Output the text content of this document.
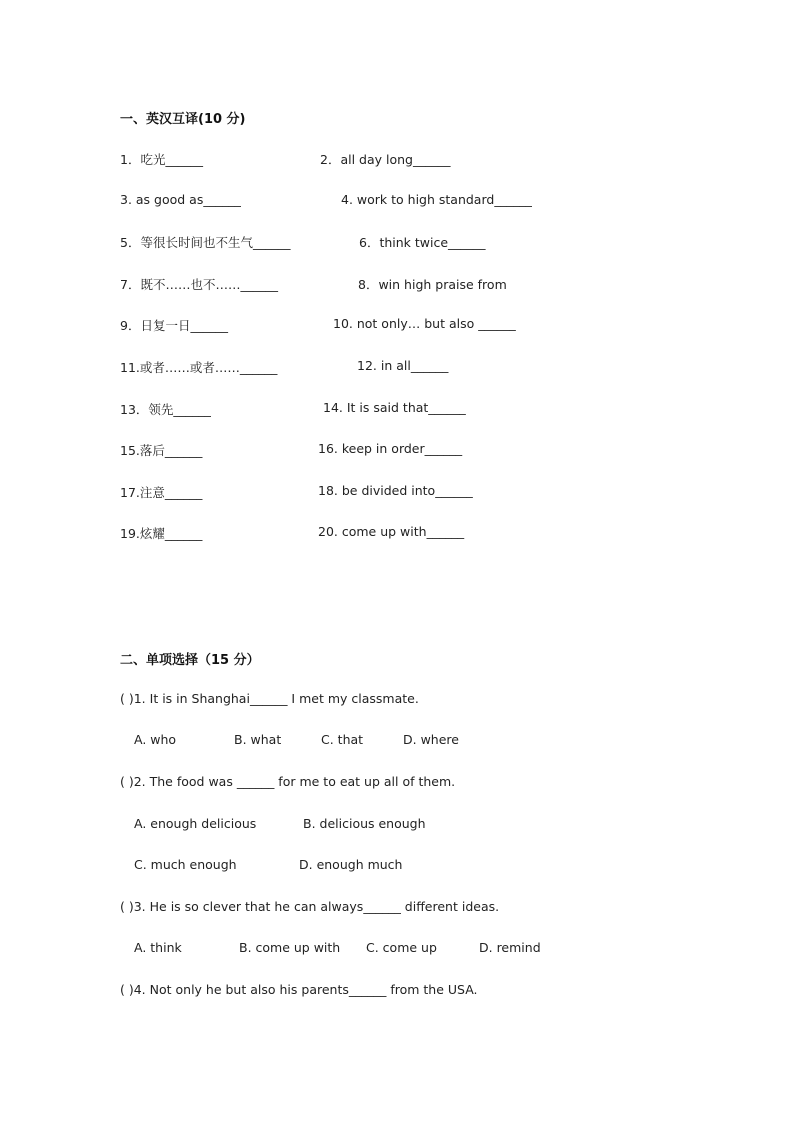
一、英汉互译(10 分)
1．吃光______	2．all day long______
3. as good as______	4. work to high standard______
5．等很长时间也不生气______	6．think twice______
7．既不……也不……______	8．win high praise from
9．日复一日______	10. not only… but also ______
11.或者……或者……______	12. in all______
13．领先______	14. It is said that______
15.落后______	16. keep in order______
17.注意______	18. be divided into______
19.炫耀______	20. come up with______
二、单项选择（15 分）
( )1. It is in Shanghai______ I met my classmate.
A. who	B. what	C. that	D. where
( )2. The food was ______ for me to eat up all of them.
A. enough delicious	B. delicious enough
C. much enough	D. enough much
( )3. He is so clever that he can always______ different ideas.
A. think	B. come up with C. come up	D. remind
( )4. Not only he but also his parents______ from the USA.
